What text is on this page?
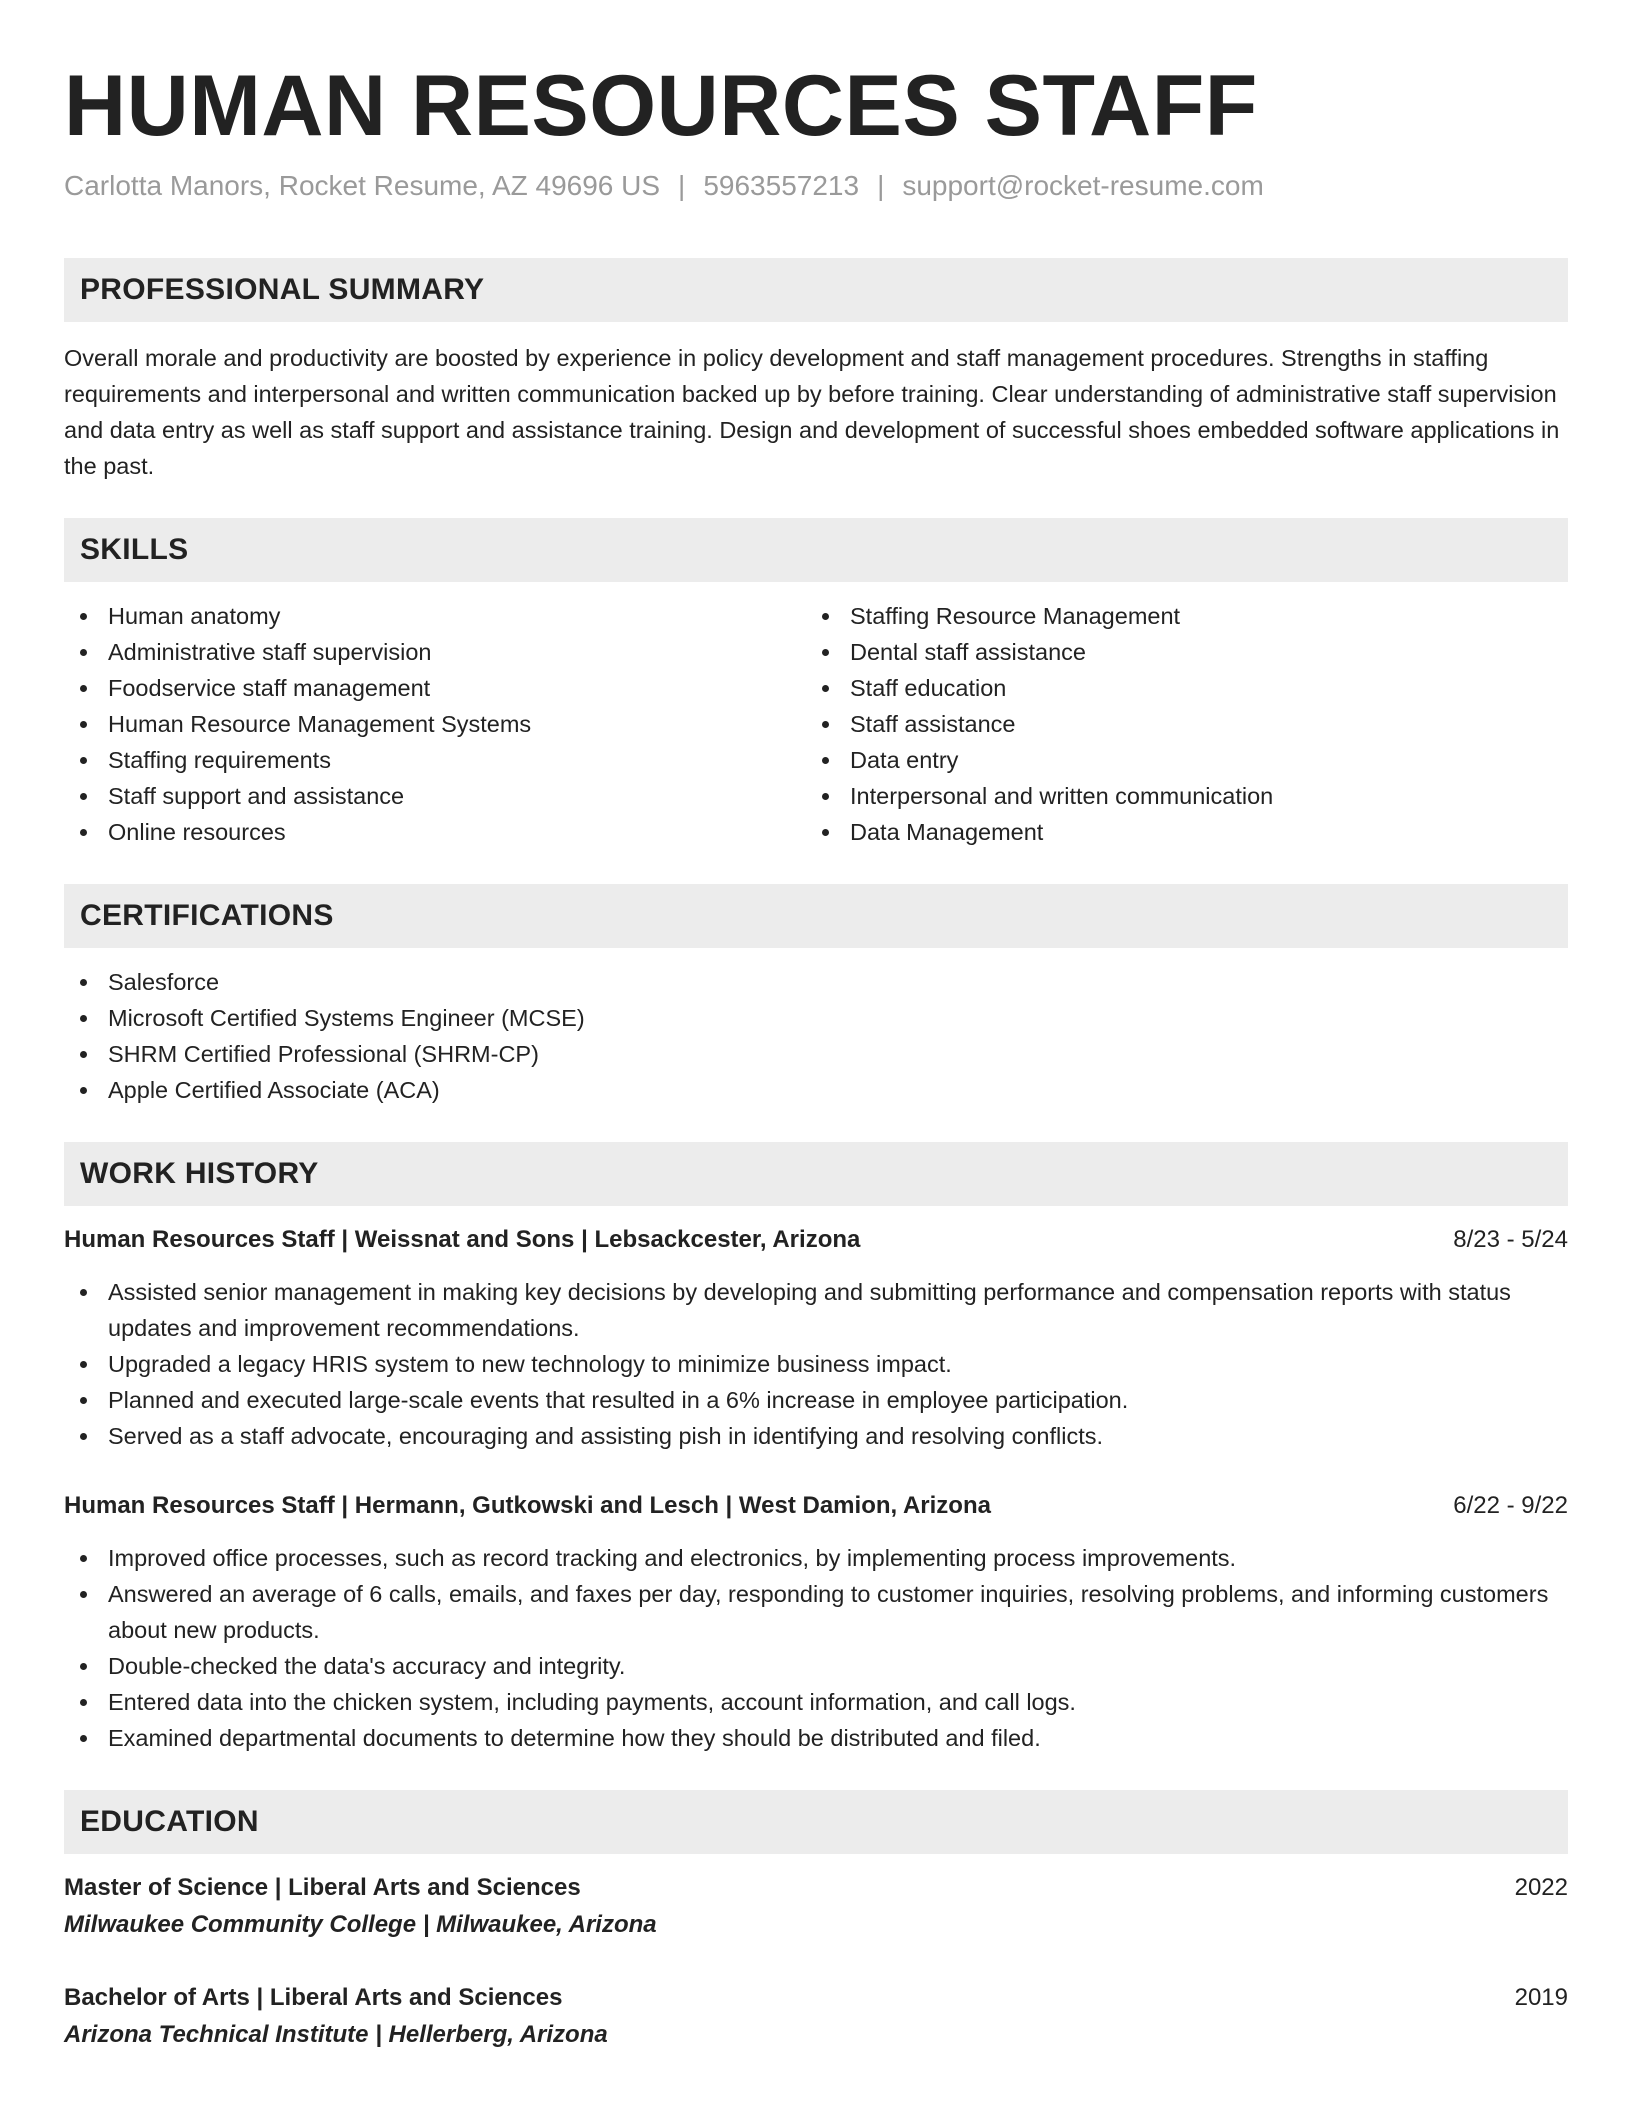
HUMAN RESOURCES STAFF
Carlotta Manors, Rocket Resume, AZ 49696 US | 5963557213 | support@rocket-resume.com
PROFESSIONAL SUMMARY

Overall morale and productivity are boosted by experience in policy development and staff management procedures. Strengths in staffing requirements and interpersonal and written communication backed up by before training. Clear understanding of administrative staff supervision and data entry as well as staff support and assistance training. Design and development of successful shoes embedded software applications in the past.

SKILLS
Human anatomy
Administrative staff supervision
Foodservice staff management
Human Resource Management Systems
Staffing requirements
Staff support and assistance
Online resources
Staffing Resource Management
Dental staff assistance
Staff education
Staff assistance
Data entry
Interpersonal and written communication
Data Management
CERTIFICATIONS
Salesforce
Microsoft Certified Systems Engineer (MCSE)
SHRM Certified Professional (SHRM-CP)
Apple Certified Associate (ACA)
WORK HISTORY
Human Resources Staff | Weissnat and Sons | Lebsackcester, Arizona	8/23 - 5/24
Assisted senior management in making key decisions by developing and submitting performance and compensation reports with status updates and improvement recommendations.
Upgraded a legacy HRIS system to new technology to minimize business impact.
Planned and executed large-scale events that resulted in a 6% increase in employee participation.
Served as a staff advocate, encouraging and assisting pish in identifying and resolving conflicts.
Human Resources Staff | Hermann, Gutkowski and Lesch | West Damion, Arizona	6/22 - 9/22
Improved office processes, such as record tracking and electronics, by implementing process improvements.
Answered an average of 6 calls, emails, and faxes per day, responding to customer inquiries, resolving problems, and informing customers about new products.
Double-checked the data's accuracy and integrity.
Entered data into the chicken system, including payments, account information, and call logs.
Examined departmental documents to determine how they should be distributed and filed.
EDUCATION
Master of Science | Liberal Arts and Sciences	2022
Milwaukee Community College | Milwaukee, Arizona
Bachelor of Arts | Liberal Arts and Sciences	2019
Arizona Technical Institute | Hellerberg, Arizona
